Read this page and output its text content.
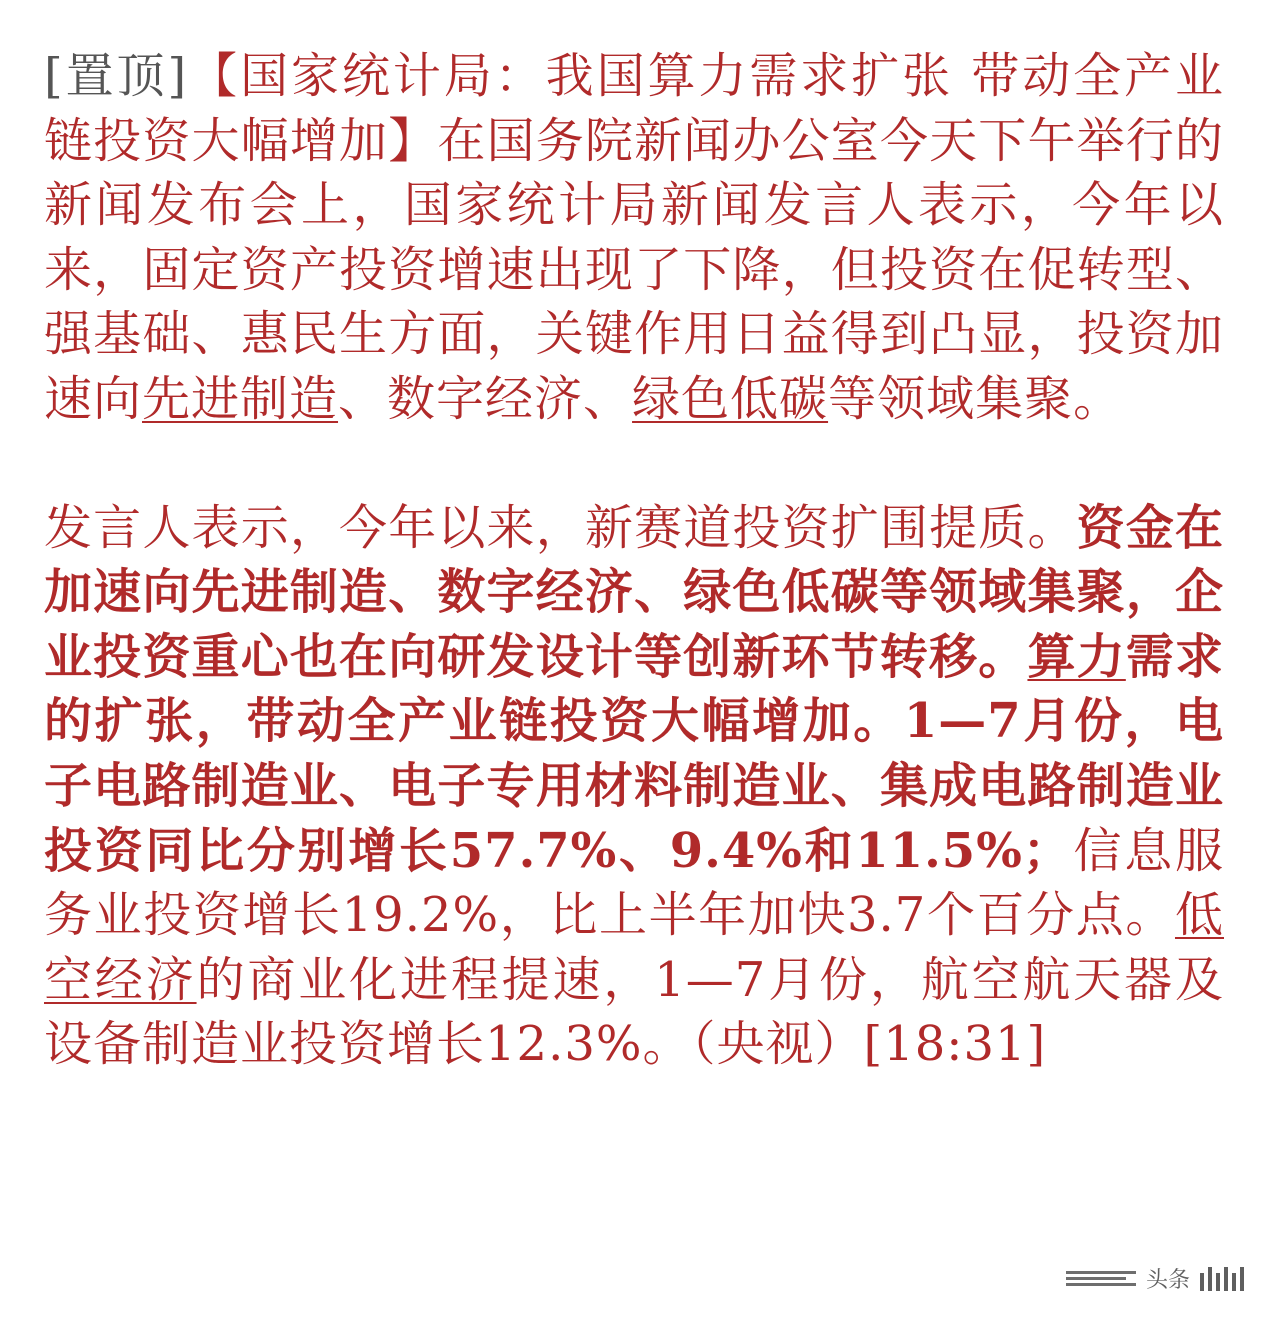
[置顶]【国家统计局：我国算力需求扩张 带动全产业链投资大幅增加】在国务院新闻办公室今天下午举行的新闻发布会上，国家统计局新闻发言人表示，今年以来，固定资产投资增速出现了下降，但投资在促转型、强基础、惠民生方面，关键作用日益得到凸显，投资加速向先进制造、数字经济、绿色低碳等领域集聚。

发言人表示，今年以来，新赛道投资扩围提质。资金在加速向先进制造、数字经济、绿色低碳等领域集聚，企业投资重心也在向研发设计等创新环节转移。算力需求的扩张，带动全产业链投资大幅增加。1—7月份，电子电路制造业、电子专用材料制造业、集成电路制造业投资同比分别增长57.7%、9.4%和11.5%；信息服务业投资增长19.2%，比上半年加快3.7个百分点。低空经济的商业化进程提速，1—7月份，航空航天器及设备制造业投资增长12.3%。（央视）[18:31]

头条
